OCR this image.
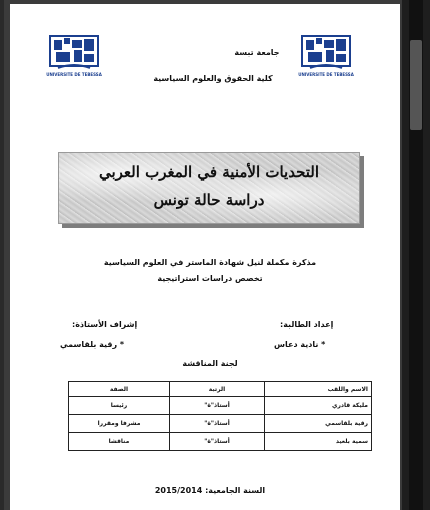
UNIVERSITE DE TEBESSA	UNIVERSITE DE TEBESSA
جامعة تبسة
كلية الحقوق والعلوم السياسية
التحديات الأمنية في المغرب العربي
دراسة حالة تونس
مذكرة مكملة لنيل شهادة الماستر في العلوم السياسية
تخصص دراسات استراتيجية
إعداد الطالبة:
* نادية دعاس
إشراف الأستاذة:
* رقية بلقاسمي
لجنة المناقشة
الاسم واللقب	الرتبة	الصفة
مليكة قادري	أستاذ"ة"	رئيسا
رقية بلقاسمي	أستاذ"ة"	مشرفا ومقررا
سمية بلعيد	أستاذ"ة"	مناقشا
السنة الجامعية: 2015/2014
